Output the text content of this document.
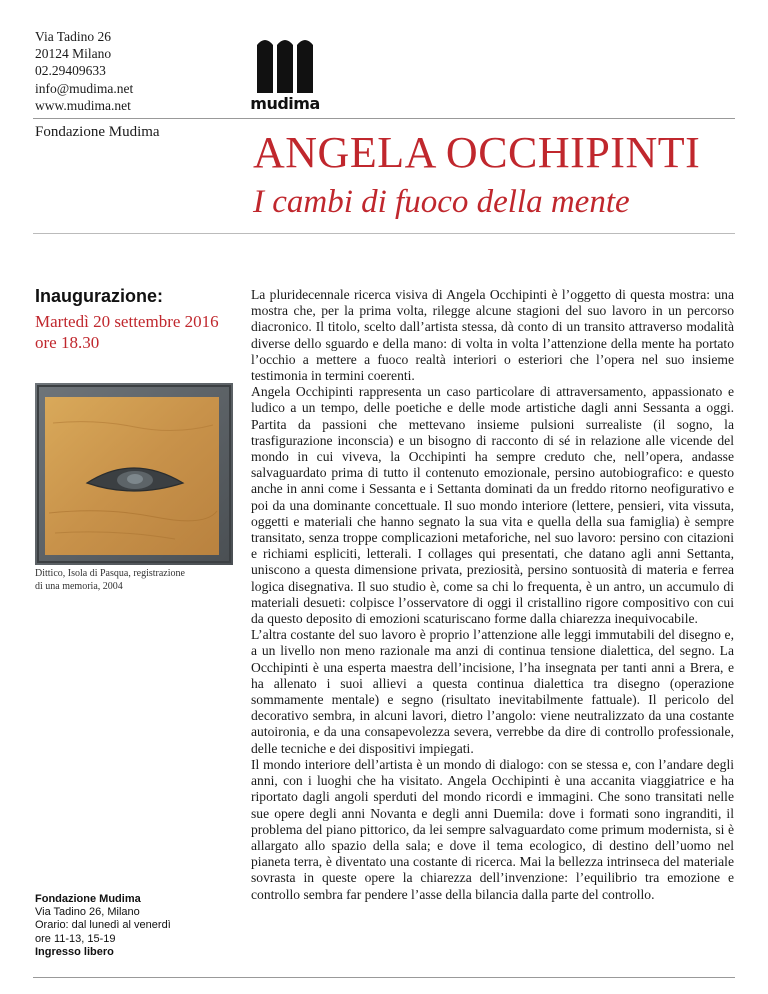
Via Tadino 26
20124 Milano
02.29409633
info@mudima.net
www.mudima.net	mudima
Fondazione Mudima ANGELA OCCHIPINTI
I cambi di fuoco della mente
Inaugurazione:
Martedì 20 settembre 2016
ore 18.30
Dittico, Isola di Pasqua, registrazione
di una memoria, 2004
Fondazione Mudima
Via Tadino 26, Milano
Orario: dal lunedì al venerdì
ore 11-13, 15-19
Ingresso libero

La pluridecennale ricerca visiva di Angela Occhipinti è l’oggetto di questa mostra: una mostra che, per la prima volta, rilegge alcune stagioni del suo lavoro in un percorso diacronico. Il titolo, scelto dall’artista stessa, dà conto di un transito attraverso modalità diverse dello sguardo e della mano: di volta in volta l’attenzione della mente ha portato l’occhio a mettere a fuoco realtà interiori o esteriori che l’opera nel suo insieme testimonia in termini coerenti.

Angela Occhipinti rappresenta un caso particolare di attraversamento, appassionato e ludico a un tempo, delle poetiche e delle mode artistiche dagli anni Sessanta a oggi. Partita da passioni che mettevano insieme pulsioni surrealiste (il sogno, la trasfigurazione inconscia) e un bisogno di racconto di sé in relazione alle vicende del mondo in cui viveva, la Occhipinti ha sempre creduto che, nell’opera, andasse salvaguardato prima di tutto il contenuto emozionale, persino autobiografico: e questo anche in anni come i Sessanta e i Settanta dominati da un freddo ritorno neofigurativo e poi da una dominante concettuale. Il suo mondo interiore (lettere, pensieri, vita vissuta, oggetti e materiali che hanno segnato la sua vita e quella della sua famiglia) è sempre transitato, senza troppe complicazioni metaforiche, nel suo lavoro: persino con citazioni e richiami espliciti, letterali. I collages qui presentati, che datano agli anni Settanta, uniscono a questa dimensione privata, preziosità, persino sontuosità di materia e ferrea logica disegnativa. Il suo studio è, come sa chi lo frequenta, è un antro, un accumulo di materiali desueti: colpisce l’osservatore di oggi il cristallino rigore compositivo con cui da questo deposito di emozioni scaturiscano forme dalla chiarezza inequivocabile.

L’altra costante del suo lavoro è proprio l’attenzione alle leggi immutabili del disegno e, a un livello non meno razionale ma anzi di continua tensione dialettica, del segno. La Occhipinti è una esperta maestra dell’incisione, l’ha insegnata per tanti anni a Brera, e ha allenato i suoi allievi a questa continua dialettica tra disegno (operazione sommamente mentale) e segno (risultato inevitabilmente fattuale). Il pericolo del decorativo sembra, in alcuni lavori, dietro l’angolo: viene neutralizzato da una costante autoironia, e da una consapevolezza severa, verrebbe da dire di controllo professionale, delle tecniche e dei dispositivi impiegati.

Il mondo interiore dell’artista è un mondo di dialogo: con se stessa e, con l’andare degli anni, con i luoghi che ha visitato. Angela Occhipinti è una accanita viaggiatrice e ha riportato dagli angoli sperduti del mondo ricordi e immagini. Che sono transitati nelle sue opere degli anni Novanta e degli anni Duemila: dove i formati sono ingranditi, il problema del piano pittorico, da lei sempre salvaguardato come primum modernista, si è allargato allo spazio della sala; e dove il tema ecologico, di destino dell’uomo nel pianeta terra, è diventato una costante di ricerca. Mai la bellezza intrinseca del materiale sovrasta in queste opere la chiarezza dell’invenzione: l’equilibrio tra emozione e controllo sembra far pendere l’asse della bilancia dalla parte del controllo.
